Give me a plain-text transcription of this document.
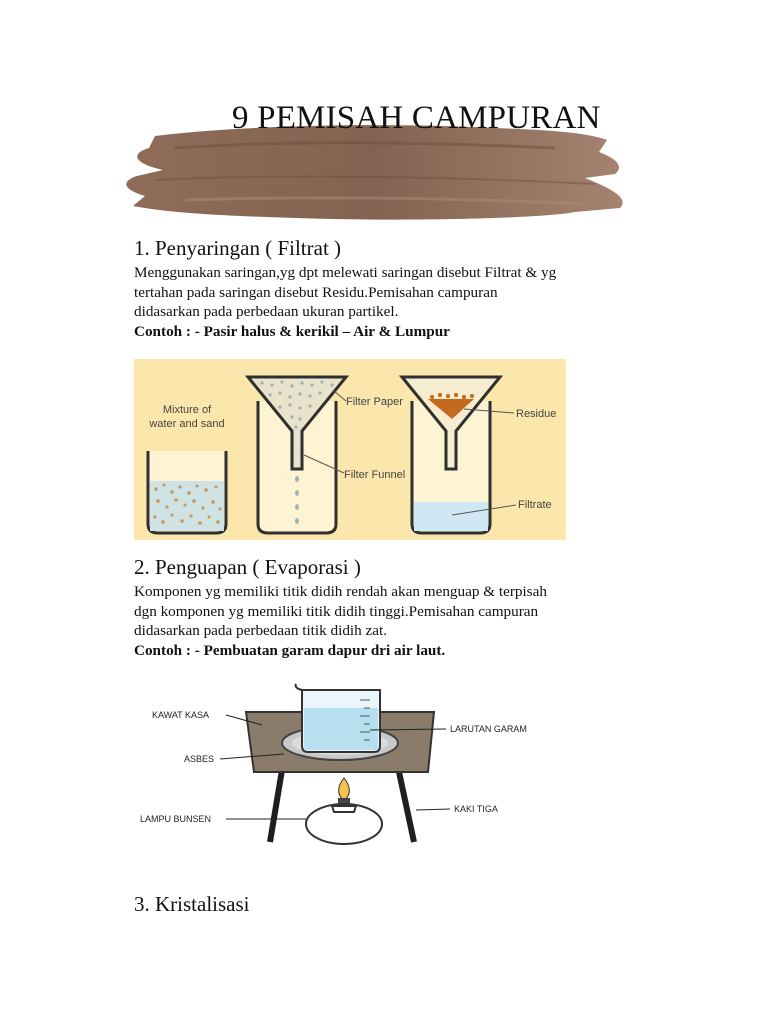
9 PEMISAH CAMPURAN
1. Penyaringan ( Filtrat )
Menggunakan saringan,yg dpt melewati saringan disebut Filtrat & yg
tertahan pada saringan disebut Residu.Pemisahan campuran
didasarkan pada perbedaan ukuran partikel.
Contoh : - Pasir halus & kerikil – Air & Lumpur
Mixture of
water and sand
Filter Paper
Filter Funnel
Residue
Filtrate
2. Penguapan ( Evaporasi )
Komponen yg memiliki titik didih rendah akan menguap & terpisah
dgn komponen yg memiliki titik didih tinggi.Pemisahan campuran
didasarkan pada perbedaan titik didih zat.
Contoh : - Pembuatan garam dapur dri air laut.
KAWAT KASA
ASBES
LAMPU BUNSEN
LARUTAN GARAM
KAKI TIGA
3. Kristalisasi
